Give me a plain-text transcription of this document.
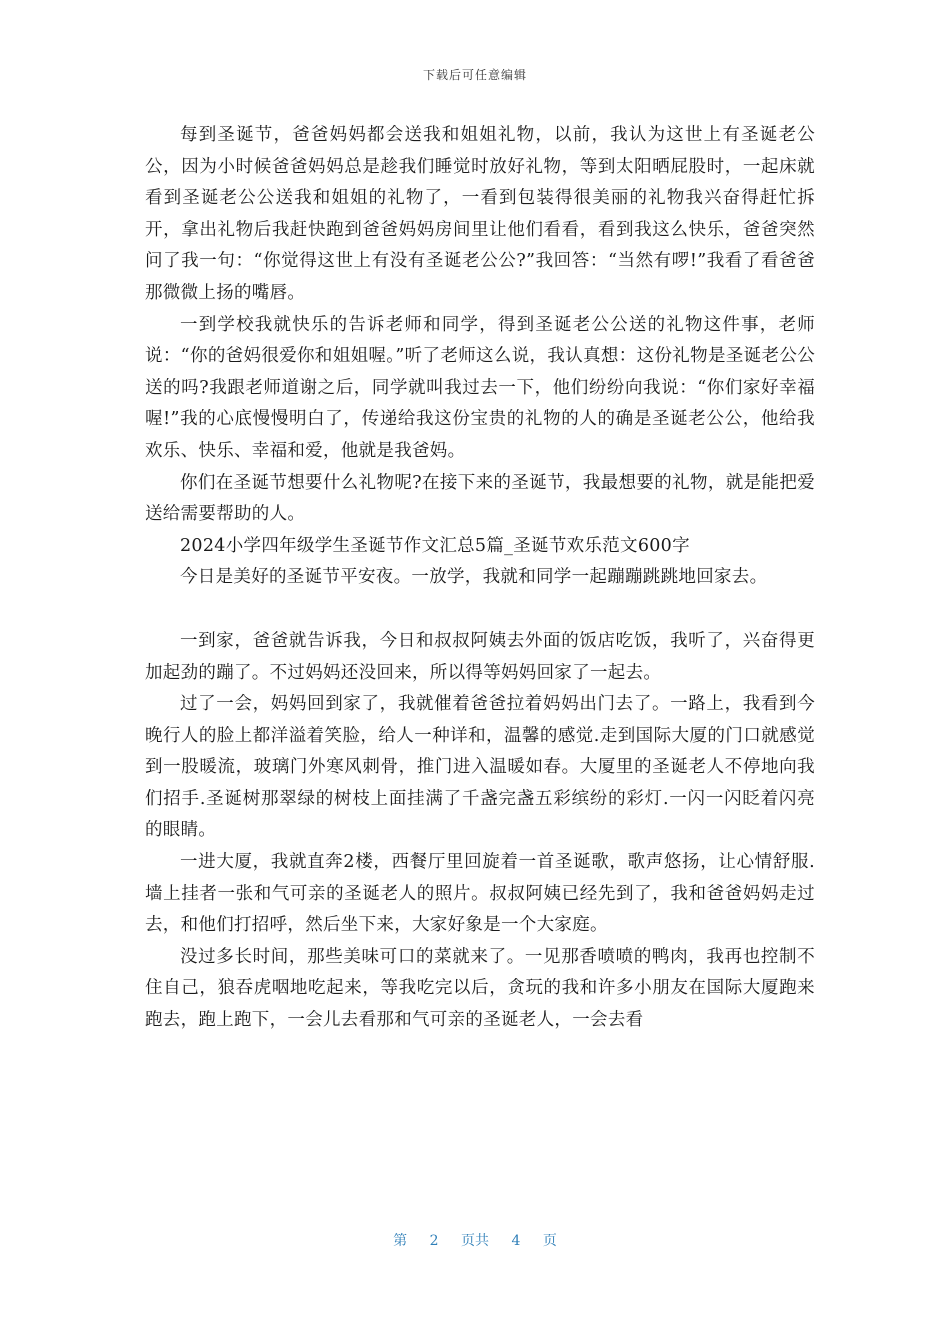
下载后可任意编辑

每到圣诞节，爸爸妈妈都会送我和姐姐礼物，以前，我认为这世上有圣诞老公公，因为小时候爸爸妈妈总是趁我们睡觉时放好礼物，等到太阳晒屁股时，一起床就看到圣诞老公公送我和姐姐的礼物了，一看到包装得很美丽的礼物我兴奋得赶忙拆开，拿出礼物后我赶快跑到爸爸妈妈房间里让他们看看，看到我这么快乐，爸爸突然问了我一句：“你觉得这世上有没有圣诞老公公?”我回答：“当然有啰!”我看了看爸爸那微微上扬的嘴唇。

一到学校我就快乐的告诉老师和同学，得到圣诞老公公送的礼物这件事，老师说：“你的爸妈很爱你和姐姐喔。”听了老师这么说，我认真想：这份礼物是圣诞老公公送的吗?我跟老师道谢之后，同学就叫我过去一下，他们纷纷向我说：“你们家好幸福喔!”我的心底慢慢明白了，传递给我这份宝贵的礼物的人的确是圣诞老公公，他给我欢乐、快乐、幸福和爱，他就是我爸妈。

你们在圣诞节想要什么礼物呢?在接下来的圣诞节，我最想要的礼物，就是能把爱送给需要帮助的人。

2024小学四年级学生圣诞节作文汇总5篇_圣诞节欢乐范文600字

今日是美好的圣诞节平安夜。一放学，我就和同学一起蹦蹦跳跳地回家去。

一到家，爸爸就告诉我，今日和叔叔阿姨去外面的饭店吃饭，我听了，兴奋得更加起劲的蹦了。不过妈妈还没回来，所以得等妈妈回家了一起去。

过了一会，妈妈回到家了，我就催着爸爸拉着妈妈出门去了。一路上，我看到今晚行人的脸上都洋溢着笑脸，给人一种详和，温馨的感觉.走到国际大厦的门口就感觉到一股暖流，玻璃门外寒风刺骨，推门进入温暖如春。大厦里的圣诞老人不停地向我们招手.圣诞树那翠绿的树枝上面挂满了千盏完盏五彩缤纷的彩灯.一闪一闪眨着闪亮的眼睛。

一进大厦，我就直奔2楼，西餐厅里回旋着一首圣诞歌，歌声悠扬，让心情舒服.墙上挂者一张和气可亲的圣诞老人的照片。叔叔阿姨已经先到了，我和爸爸妈妈走过去，和他们打招呼，然后坐下来，大家好象是一个大家庭。

没过多长时间，那些美味可口的菜就来了。一见那香喷喷的鸭肉，我再也控制不住自己，狼吞虎咽地吃起来，等我吃完以后，贪玩的我和许多小朋友在国际大厦跑来跑去，跑上跑下，一会儿去看那和气可亲的圣诞老人，一会去看

第 2 页共 4 页
